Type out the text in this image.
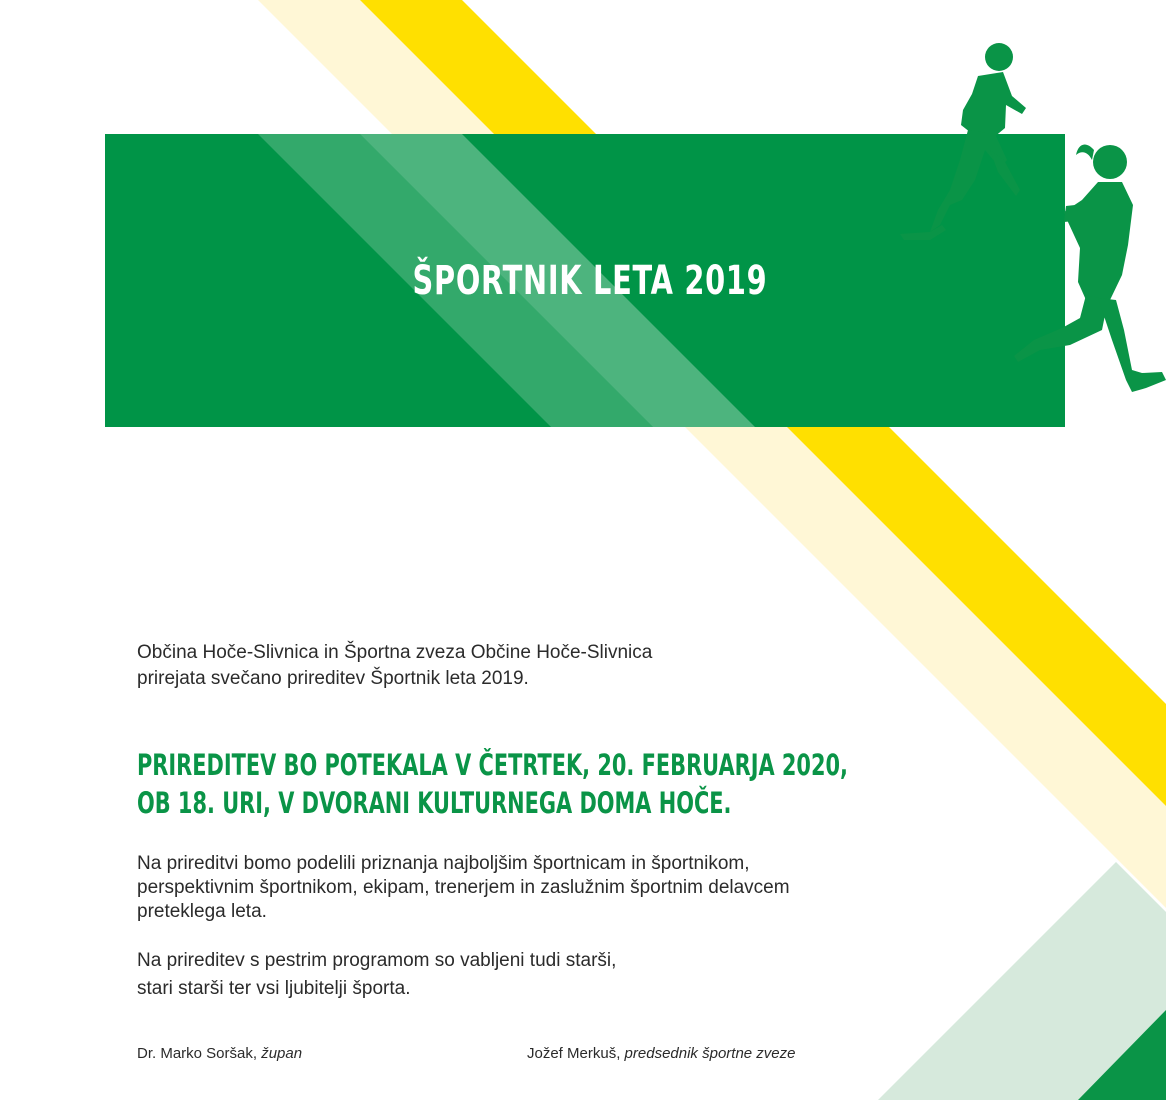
ŠPORTNIK LETA 2019

Občina Hoče-Slivnica in Športna zveza Občine Hoče-Slivnica
prirejata svečano prireditev Športnik leta 2019.

PRIREDITEV BO POTEKALA V ČETRTEK, 20. FEBRUARJA 2020,
OB 18. URI, V DVORANI KULTURNEGA DOMA HOČE.

Na prireditvi bomo podelili priznanja najboljšim športnicam in športnikom, perspektivnim športnikom, ekipam, trenerjem in zaslužnim športnim delavcem preteklega leta.

Na prireditev s pestrim programom so vabljeni tudi starši,
stari starši ter vsi ljubitelji športa.

Dr. Marko Soršak, župan	Jožef Merkuš, predsednik športne zveze
